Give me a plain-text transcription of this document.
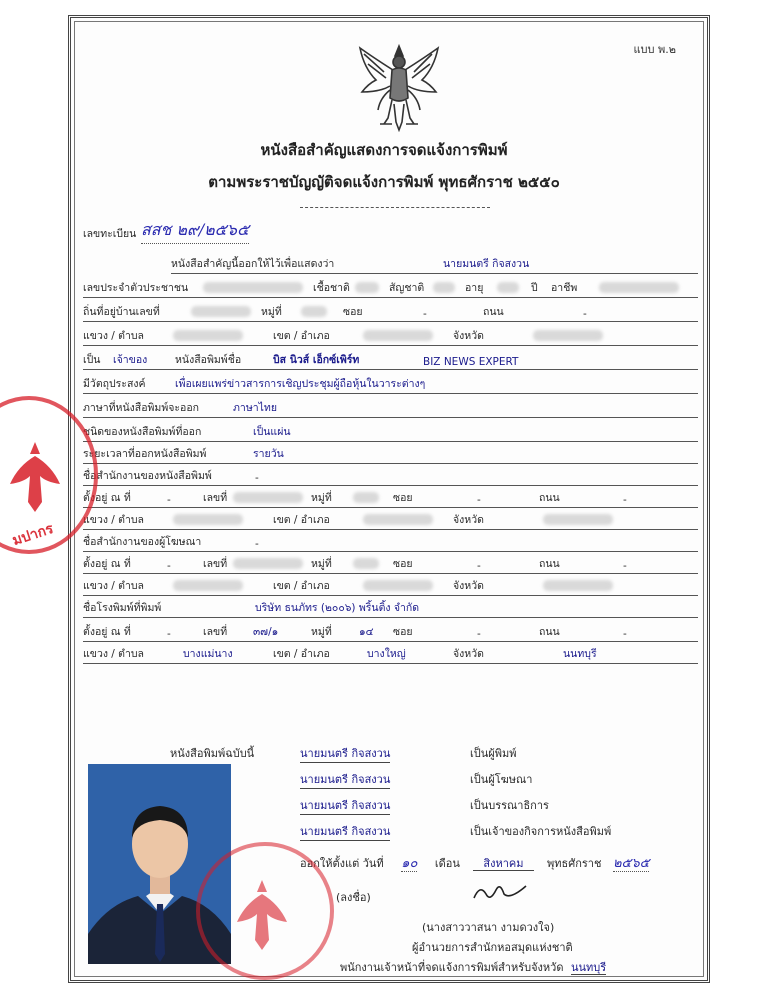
แบบ พ.๒
หนังสือสำคัญแสดงการจดแจ้งการพิมพ์
ตามพระราชบัญญัติจดแจ้งการพิมพ์ พุทธศักราช ๒๕๕๐
เลขทะเบียน สสช ๒๙/๒๕๖๕
หนังสือสำคัญนี้ออกให้ไว้เพื่อแสดงว่า	นายมนตรี กิจสงวน
เลขประจำตัวประชาชน	เชื้อชาติ	สัญชาติ	อายุ	ปี อาชีพ
ถิ่นที่อยู่บ้านเลขที่	หมู่ที่	ซอย	-	ถนน	-
แขวง / ตำบล	เขต / อำเภอ	จังหวัด
เป็น เจ้าของ	หนังสือพิมพ์ชื่อ	บิส นิวส์ เอ็กซ์เพิร์ท	BIZ NEWS EXPERT
มีวัตถุประสงค์	เพื่อเผยแพร่ข่าวสารการเชิญประชุมผู้ถือหุ้นในวาระต่างๆ
ภาษาที่หนังสือพิมพ์จะออก	ภาษาไทย
ชนิดของหนังสือพิมพ์ที่ออก	เป็นแผ่น
ระยะเวลาที่ออกหนังสือพิมพ์	รายวัน
ชื่อสำนักงานของหนังสือพิมพ์	-
ตั้งอยู่ ณ ที่	-	เลขที่	หมู่ที่	ซอย	-	ถนน	-
แขวง / ตำบล	เขต / อำเภอ	จังหวัด
ชื่อสำนักงานของผู้โฆษณา	-
ตั้งอยู่ ณ ที่	-	เลขที่	หมู่ที่	ซอย	-	ถนน	-
แขวง / ตำบล	เขต / อำเภอ	จังหวัด
ชื่อโรงพิมพ์ที่พิมพ์	บริษัท ธนภัทร (๒๐๐๖) พริ้นติ้ง จำกัด
ตั้งอยู่ ณ ที่	-	เลขที่ ๓๗/๑	หมู่ที่	๑๔ ซอย	-	ถนน	-
แขวง / ตำบล	บางแม่นาง	เขต / อำเภอ	บางใหญ่	จังหวัด	นนทบุรี
หนังสือพิมพ์ฉบับนี้	นายมนตรี กิจสงวน	เป็นผู้พิมพ์
นายมนตรี กิจสงวน	เป็นผู้โฆษณา
นายมนตรี กิจสงวน	เป็นบรรณาธิการ
นายมนตรี กิจสงวน	เป็นเจ้าของกิจการหนังสือพิมพ์
ออกให้ตั้งแต่ วันที่ ๑๐ เดือน สิงหาคม พุทธศักราช ๒๕๖๕
(ลงชื่อ)
(นางสาววาสนา งามดวงใจ)
ผู้อำนวยการสำนักหอสมุดแห่งชาติ
พนักงานเจ้าหน้าที่จดแจ้งการพิมพ์สำหรับจังหวัด นนทบุรี
มปากร
